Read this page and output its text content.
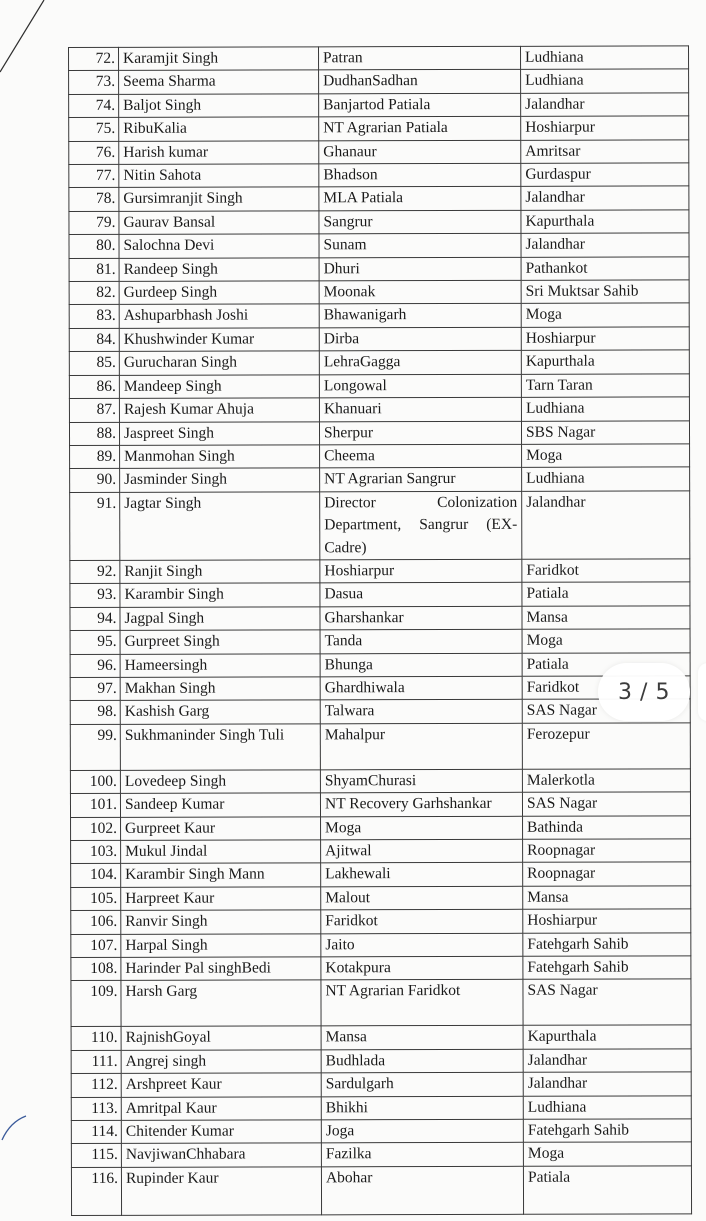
72.	Karamjit Singh	Patran	Ludhiana
73.	Seema Sharma	DudhanSadhan	Ludhiana
74.	Baljot Singh	Banjartod Patiala	Jalandhar
75.	RibuKalia	NT Agrarian Patiala	Hoshiarpur
76.	Harish kumar	Ghanaur	Amritsar
77.	Nitin Sahota	Bhadson	Gurdaspur
78.	Gursimranjit Singh	MLA Patiala	Jalandhar
79.	Gaurav Bansal	Sangrur	Kapurthala
80.	Salochna Devi	Sunam	Jalandhar
81.	Randeep Singh	Dhuri	Pathankot
82.	Gurdeep Singh	Moonak	Sri Muktsar Sahib
83.	Ashuparbhash Joshi	Bhawanigarh	Moga
84.	Khushwinder Kumar	Dirba	Hoshiarpur
85.	Gurucharan Singh	LehraGagga	Kapurthala
86.	Mandeep Singh	Longowal	Tarn Taran
87.	Rajesh Kumar Ahuja	Khanuari	Ludhiana
88.	Jaspreet Singh	Sherpur	SBS Nagar
89.	Manmohan Singh	Cheema	Moga
90.	Jasminder Singh	NT Agrarian Sangrur	Ludhiana
91.	Jagtar Singh	Director Colonization Department, Sangrur (EX-Cadre)	Jalandhar
92.	Ranjit Singh	Hoshiarpur	Faridkot
93.	Karambir Singh	Dasua	Patiala
94.	Jagpal Singh	Gharshankar	Mansa
95.	Gurpreet Singh	Tanda	Moga
96.	Hameersingh	Bhunga	Patiala
97.	Makhan Singh	Ghardhiwala	Faridkot
98.	Kashish Garg	Talwara	SAS Nagar
99.	Sukhmaninder Singh Tuli	Mahalpur	Ferozepur
100.	Lovedeep Singh	ShyamChurasi	Malerkotla
101.	Sandeep Kumar	NT Recovery Garhshankar	SAS Nagar
102.	Gurpreet Kaur	Moga	Bathinda
103.	Mukul Jindal	Ajitwal	Roopnagar
104.	Karambir Singh Mann	Lakhewali	Roopnagar
105.	Harpreet Kaur	Malout	Mansa
106.	Ranvir Singh	Faridkot	Hoshiarpur
107.	Harpal Singh	Jaito	Fatehgarh Sahib
108.	Harinder Pal singhBedi	Kotakpura	Fatehgarh Sahib
109.	Harsh Garg	NT Agrarian Faridkot	SAS Nagar
110.	RajnishGoyal	Mansa	Kapurthala
111.	Angrej singh	Budhlada	Jalandhar
112.	Arshpreet Kaur	Sardulgarh	Jalandhar
113.	Amritpal Kaur	Bhikhi	Ludhiana
114.	Chitender Kumar	Joga	Fatehgarh Sahib
115.	NavjiwanChhabara	Fazilka	Moga
116.	Rupinder Kaur	Abohar	Patiala
3 / 5
